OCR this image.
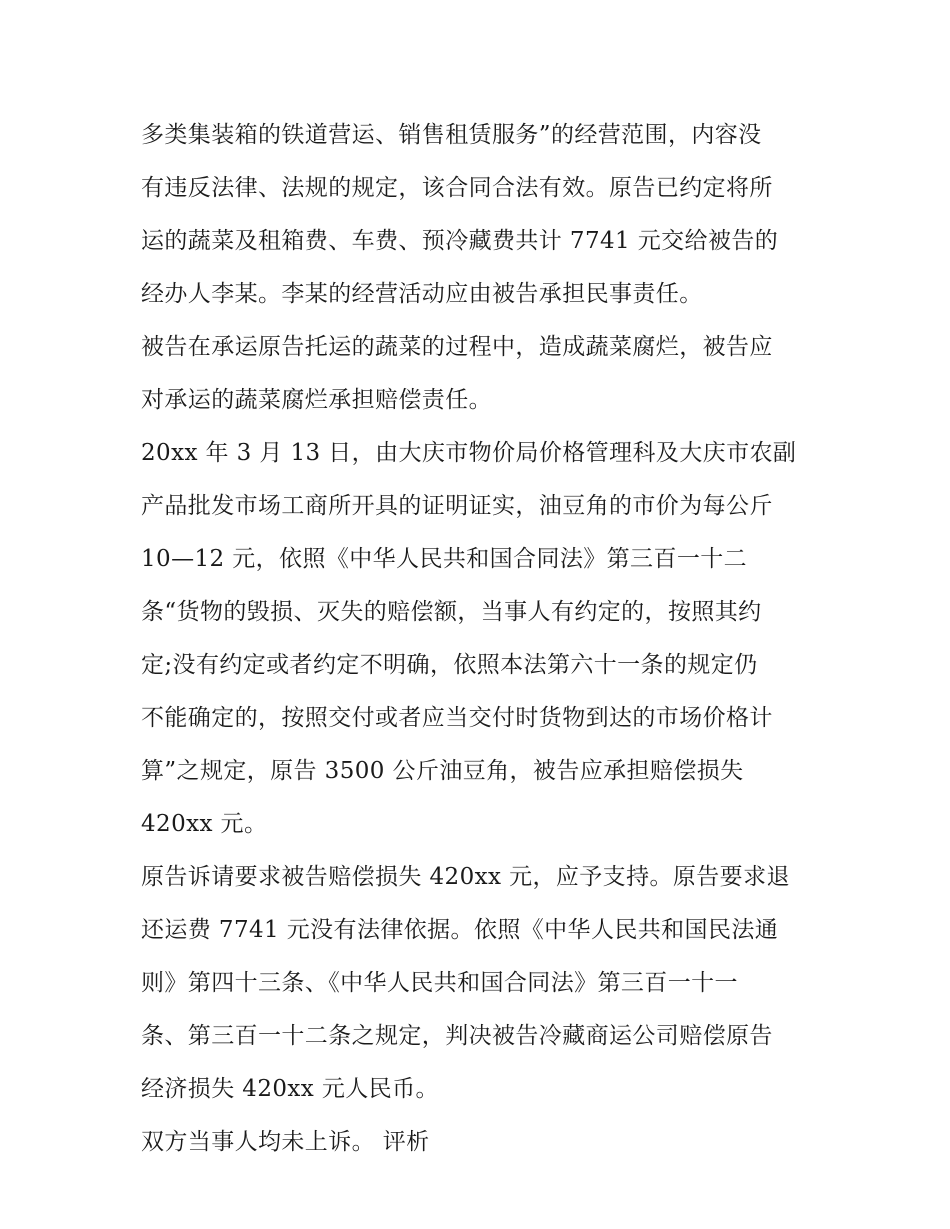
多类集装箱的铁道营运、销售租赁服务”的经营范围，内容没
有违反法律、法规的规定，该合同合法有效。原告已约定将所
运的蔬菜及租箱费、车费、预冷藏费共计 7741 元交给被告的
经办人李某。李某的经营活动应由被告承担民事责任。
被告在承运原告托运的蔬菜的过程中，造成蔬菜腐烂，被告应
对承运的蔬菜腐烂承担赔偿责任。
20xx 年 3 月 13 日，由大庆市物价局价格管理科及大庆市农副
产品批发市场工商所开具的证明证实，油豆角的市价为每公斤
10—12 元，依照《中华人民共和国合同法》第三百一十二
条“货物的毁损、灭失的赔偿额，当事人有约定的，按照其约
定;没有约定或者约定不明确，依照本法第六十一条的规定仍
不能确定的，按照交付或者应当交付时货物到达的市场价格计
算”之规定，原告 3500 公斤油豆角，被告应承担赔偿损失
420xx 元。
原告诉请要求被告赔偿损失 420xx 元，应予支持。原告要求退
还运费 7741 元没有法律依据。依照《中华人民共和国民法通
则》第四十三条、《中华人民共和国合同法》第三百一十一
条、第三百一十二条之规定，判决被告冷藏商运公司赔偿原告
经济损失 420xx 元人民币。
双方当事人均未上诉。 评析
